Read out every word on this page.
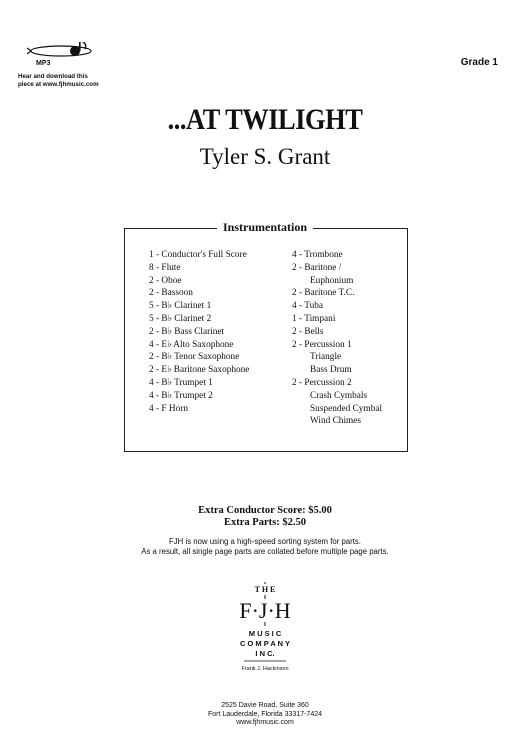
MP3
Hear and download this
piece at www.fjhmusic.com
Grade 1
...AT TWILIGHT
Tyler S. Grant
Instrumentation
1 - Conductor's Full Score
8 - Flute
2 - Oboe
2 - Bassoon
5 - B♭ Clarinet 1
5 - B♭ Clarinet 2
2 - B♭ Bass Clarinet
4 - E♭ Alto Saxophone
2 - B♭ Tenor Saxophone
2 - E♭ Baritone Saxophone
4 - B♭ Trumpet 1
4 - B♭ Trumpet 2
4 - F Horn
4 - Trombone
2 - Baritone /
Euphonium
2 - Baritone T.C.
4 - Tuba
1 - Timpani
2 - Bells
2 - Percussion 1
Triangle
Bass Drum
2 - Percussion 2
Crash Cymbals
Suspended Cymbal
Wind Chimes
Extra Conductor Score: $5.00
Extra Parts: $2.50
FJH is now using a high-speed sorting system for parts.
As a result, all single page parts are collated before multiple page parts.
T H E
F·J·H
M U S I C
C O M P A N Y
I N C.
Frank J. Hackinson
2525 Davie Road, Suite 360
Fort Lauderdale, Florida 33317-7424
www.fjhmusic.com
